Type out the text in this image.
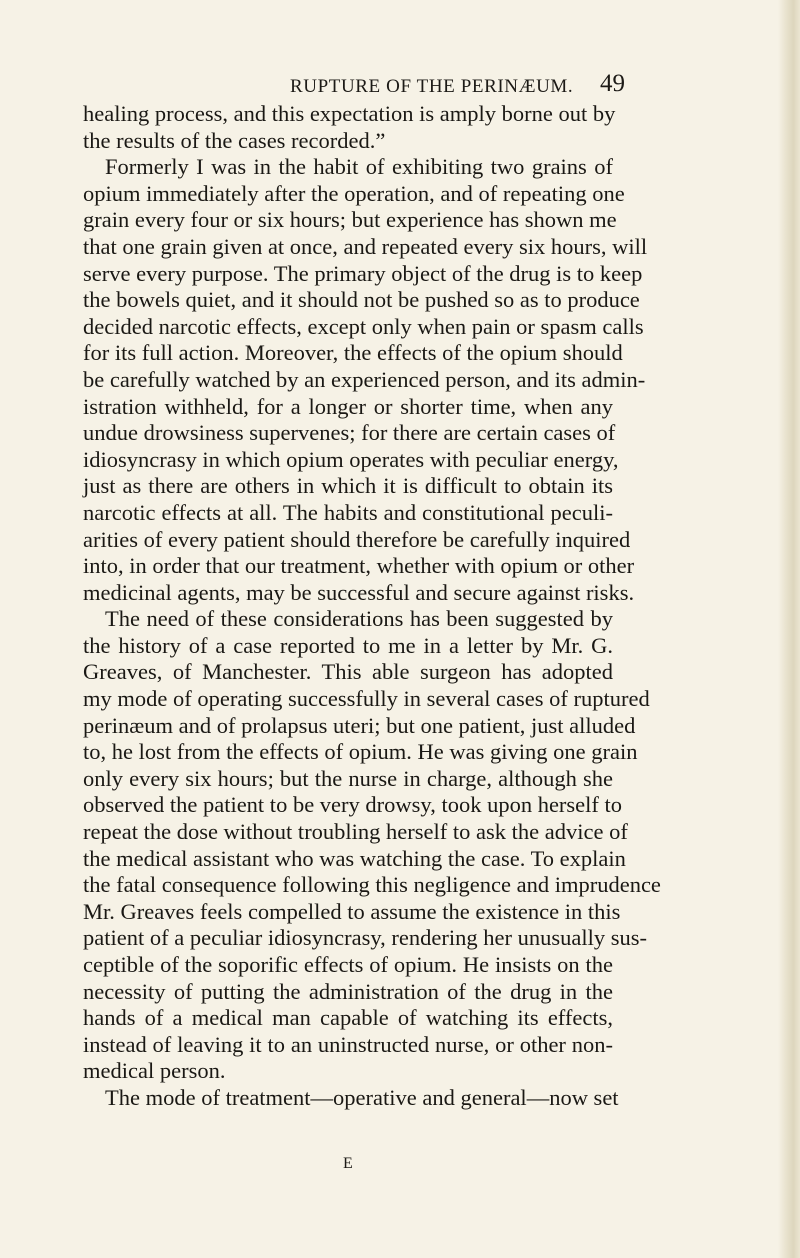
RUPTURE OF THE PERINÆUM. 49
healing process, and this expectation is amply borne out by
the results of the cases recorded.”
Formerly I was in the habit of exhibiting two grains of
opium immediately after the operation, and of repeating one
grain every four or six hours; but experience has shown me
that one grain given at once, and repeated every six hours, will
serve every purpose. The primary object of the drug is to keep
the bowels quiet, and it should not be pushed so as to produce
decided narcotic effects, except only when pain or spasm calls
for its full action. Moreover, the effects of the opium should
be carefully watched by an experienced person, and its admin-
istration withheld, for a longer or shorter time, when any
undue drowsiness supervenes; for there are certain cases of
idiosyncrasy in which opium operates with peculiar energy,
just as there are others in which it is difficult to obtain its
narcotic effects at all. The habits and constitutional peculi-
arities of every patient should therefore be carefully inquired
into, in order that our treatment, whether with opium or other
medicinal agents, may be successful and secure against risks.
The need of these considerations has been suggested by
the history of a case reported to me in a letter by Mr. G.
Greaves, of Manchester. This able surgeon has adopted
my mode of operating successfully in several cases of ruptured
perinæum and of prolapsus uteri; but one patient, just alluded
to, he lost from the effects of opium. He was giving one grain
only every six hours; but the nurse in charge, although she
observed the patient to be very drowsy, took upon herself to
repeat the dose without troubling herself to ask the advice of
the medical assistant who was watching the case. To explain
the fatal consequence following this negligence and imprudence
Mr. Greaves feels compelled to assume the existence in this
patient of a peculiar idiosyncrasy, rendering her unusually sus-
ceptible of the soporific effects of opium. He insists on the
necessity of putting the administration of the drug in the
hands of a medical man capable of watching its effects,
instead of leaving it to an uninstructed nurse, or other non-
medical person.
The mode of treatment—operative and general—now set
E
